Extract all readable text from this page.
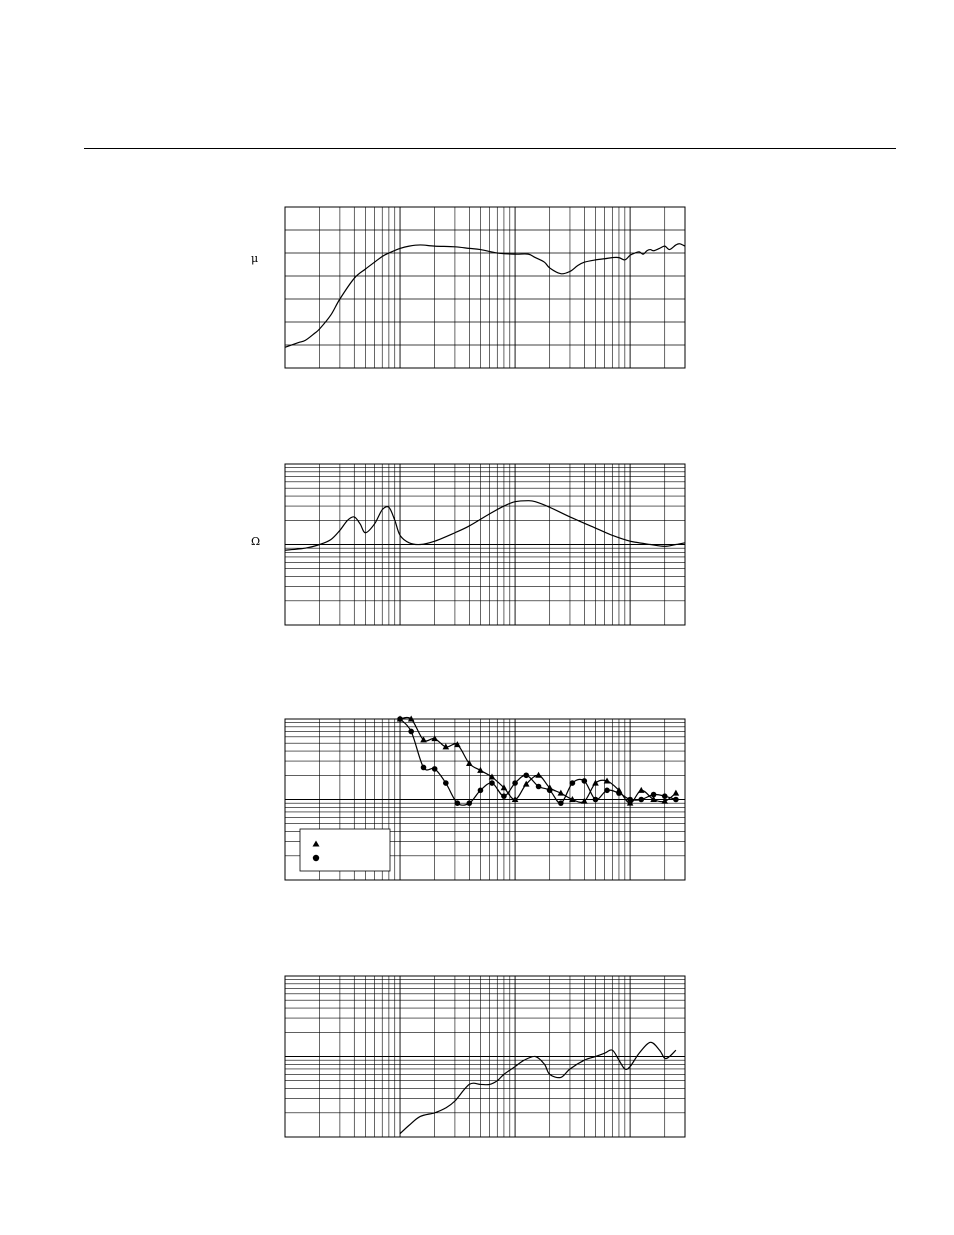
μ
Ω
